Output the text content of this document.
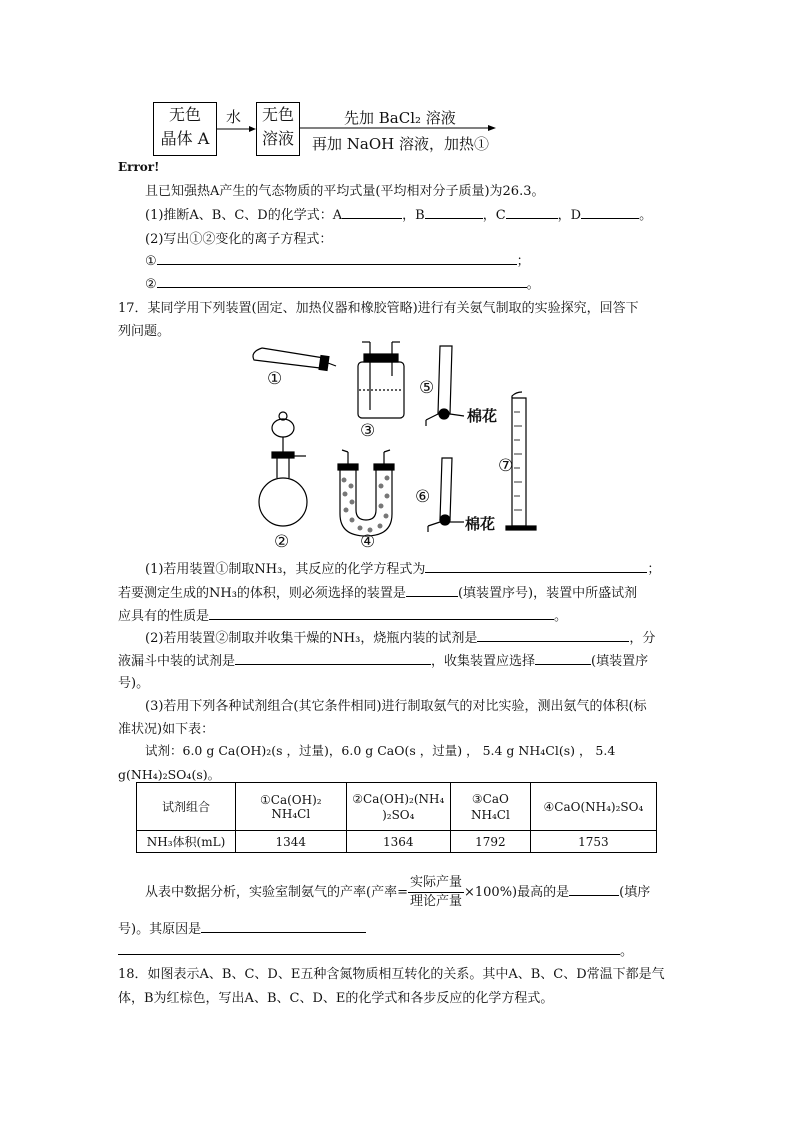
无色
晶体 A
水	无色
溶液
先加 BaCl₂ 溶液
再加 NaOH 溶液，加热①
Error!
且已知强热A产生的气态物质的平均式量(平均相对分子质量)为26.3。
(1)推断A、B、C、D的化学式：A	，B	，C	，D	。
(2)写出①②变化的离子方程式：
①	；
②	。
17．某同学用下列装置(固定、加热仪器和橡胶管略)进行有关氨气制取的实验探究，回答下
列问题。
①
③
⑤
棉花
⑦
⑥
棉花
②	④
(1)若用装置①制取NH₃，其反应的化学方程式为	；
若要测定生成的NH₃的体积，则必须选择的装置是	(填装置序号)，装置中所盛试剂
应具有的性质是	。
(2)若用装置②制取并收集干燥的NH₃，烧瓶内装的试剂是	，分
液漏斗中装的试剂是	，收集装置应选择	(填装置序
号)。
(3)若用下列各种试剂组合(其它条件相同)进行制取氨气的对比实验，测出氨气的体积(标
准状况)如下表：
试剂：6.0 g Ca(OH)₂(s ，过量)，6.0 g CaO(s ，过量) ， 5.4 g NH₄Cl(s) ， 5.4
g(NH₄)₂SO₄(s)。
试剂组合	①Ca(OH)₂ NH₄Cl	②Ca(OH)₂(NH₄
)₂SO₄	③CaO
NH₄Cl	④CaO(NH₄)₂SO₄
NH₃体积(mL)	1344	1364	1792	1753
从表中数据分析，实验室制氨气的产率(产率= $\frac{\text{实际产量}}{\text{理论产量}} \times 100\%$)最高的是	(填序
号)。其原因是
。
18．如图表示A、B、C、D、E五种含氮物质相互转化的关系。其中A、B、C、D常温下都是气
体，B为红棕色，写出A、B、C、D、E的化学式和各步反应的化学方程式。
